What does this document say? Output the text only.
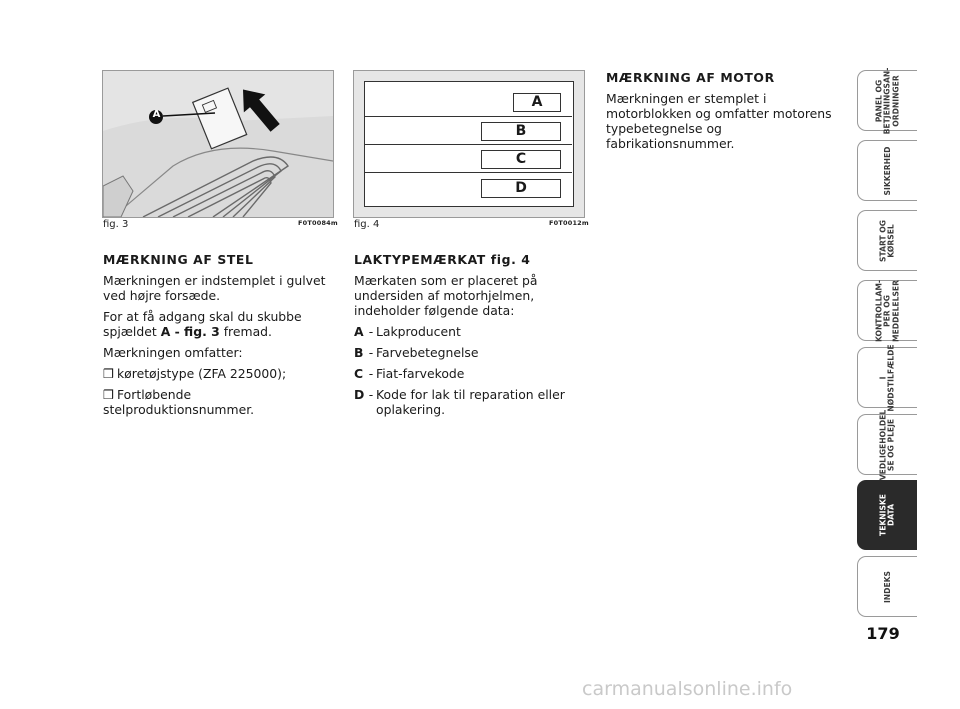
A
fig. 3	F0T0084m
A
B
C
D
fig. 4	F0T0012m
MÆRKNING AF STEL

Mærkningen er indstemplet i gulvet ved højre forsæde.

For at få adgang skal du skubbe spjældet A - fig. 3 fremad.

Mærkningen omfatter:

❒ køretøjstype (ZFA 225000);

❒ Fortløbende stelproduktionsnummer.

LAKTYPEMÆRKAT fig. 4

Mærkaten som er placeret på undersiden af motorhjelmen, indeholder følgende data:

A - Lakproducent
B - Farvebetegnelse
C - Fiat-farvekode
D - Kode for lak til reparation eller oplakering.
MÆRKNING AF MOTOR

Mærkningen er stemplet i motorblokken og omfatter motorens typebetegnelse og fabrikationsnummer.

PANEL OG
BETJENINGSAN-
ORDNINGER
SIKKERHED
START OG
KØRSEL
KONTROLLAM-
PER OG
MEDDELELSER
I
NØDSTILFÆLDE
VEDLIGEHOLDEL
SE OG PLEJE
TEKNISKE
DATA
INDEKS
179
carmanualsonline.info
